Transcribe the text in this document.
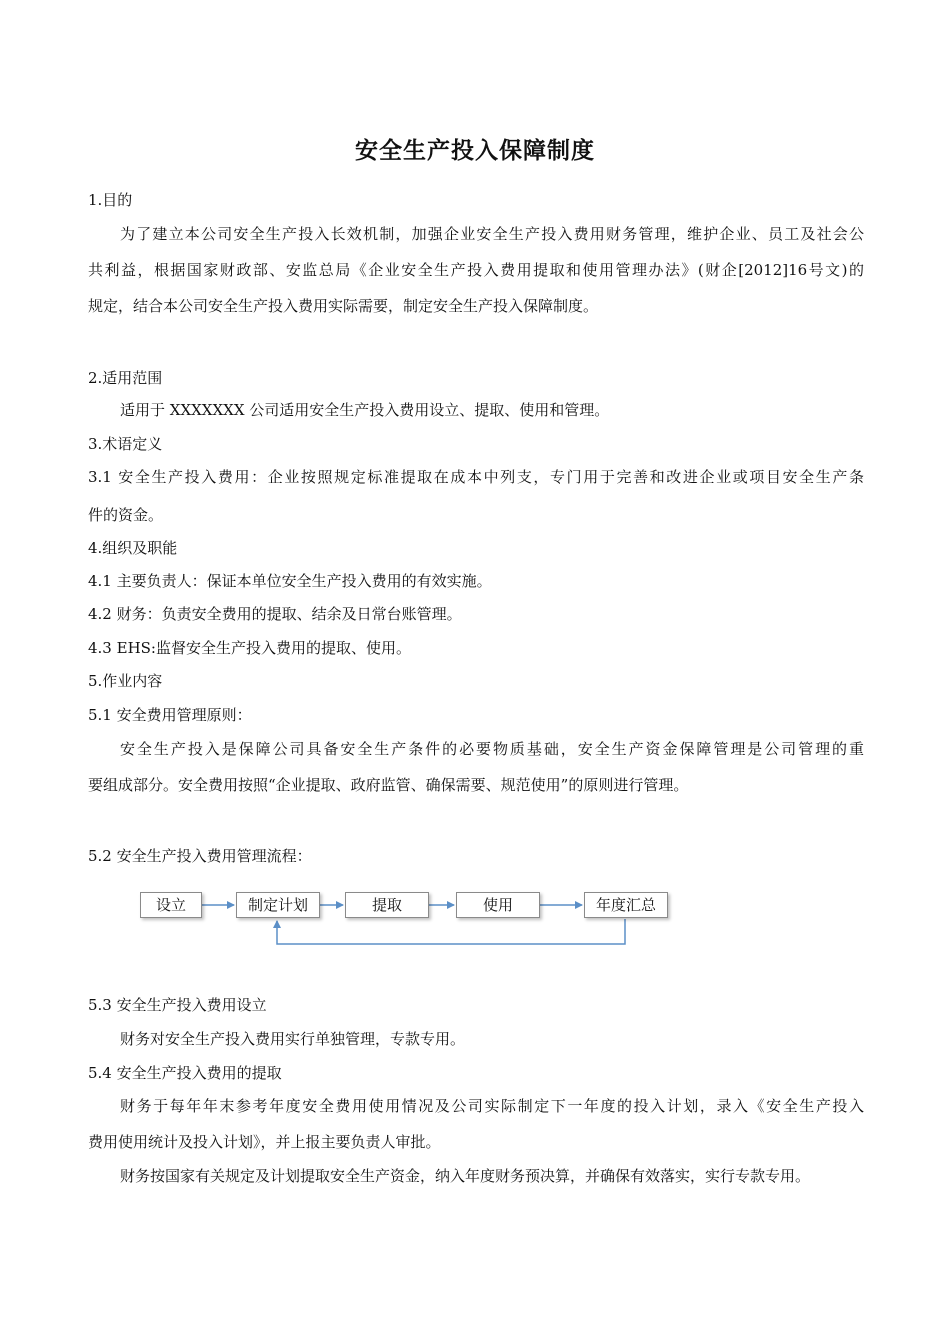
安全生产投入保障制度
1.目的
为了建立本公司安全生产投入长效机制，加强企业安全生产投入费用财务管理，维护企业、员工及社会公
共利益，根据国家财政部、安监总局《企业安全生产投入费用提取和使用管理办法》(财企[2012]16号文)的
规定，结合本公司安全生产投入费用实际需要，制定安全生产投入保障制度。
2.适用范围
适用于 XXXXXXX 公司适用安全生产投入费用设立、提取、使用和管理。
3.术语定义
3.1 安全生产投入费用：企业按照规定标准提取在成本中列支，专门用于完善和改进企业或项目安全生产条
件的资金。
4.组织及职能
4.1 主要负责人：保证本单位安全生产投入费用的有效实施。
4.2 财务：负责安全费用的提取、结余及日常台账管理。
4.3 EHS:监督安全生产投入费用的提取、使用。
5.作业内容
5.1 安全费用管理原则：
安全生产投入是保障公司具备安全生产条件的必要物质基础，安全生产资金保障管理是公司管理的重
要组成部分。安全费用按照“企业提取、政府监管、确保需要、规范使用”的原则进行管理。
5.2 安全生产投入费用管理流程：
设立	制定计划	提取	使用	年度汇总
5.3 安全生产投入费用设立
财务对安全生产投入费用实行单独管理，专款专用。
5.4 安全生产投入费用的提取
财务于每年年末参考年度安全费用使用情况及公司实际制定下一年度的投入计划，录入《安全生产投入
费用使用统计及投入计划》，并上报主要负责人审批。
财务按国家有关规定及计划提取安全生产资金，纳入年度财务预决算，并确保有效落实，实行专款专用。
